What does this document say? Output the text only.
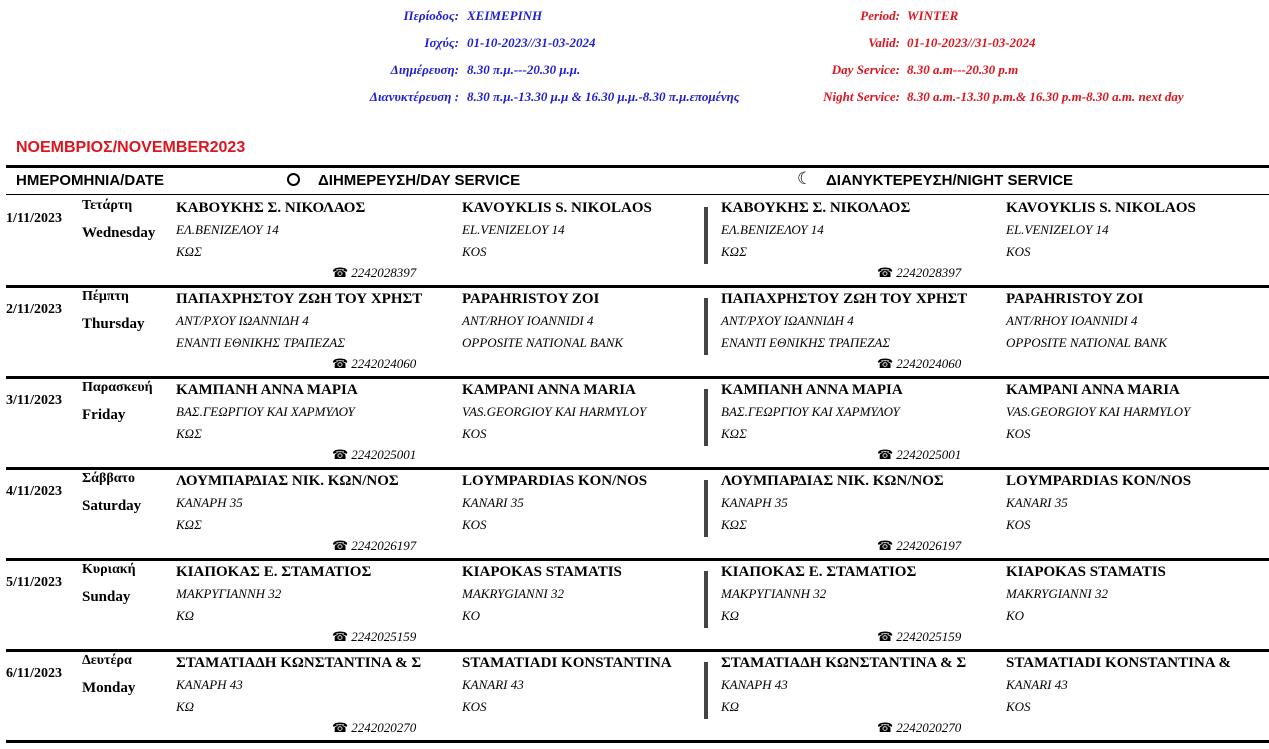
Περίοδος: ΧΕΙΜΕΡΙΝΗ
Ισχύς: 01-10-2023//31-03-2024
Διημέρευση: 8.30 π.μ.---20.30 μ.μ.
Διανυκτέρευση : 8.30 π.μ.-13.30 μ.μ & 16.30 μ.μ.-8.30 π.μ.επομένης
Period: WINTER
Valid: 01-10-2023//31-03-2024
Day Service: 8.30 a.m---20.30 p.m
Night Service: 8.30 a.m.-13.30 p.m.& 16.30 p.m-8.30 a.m. next day
ΝΟΕΜΒΡΙΟΣ/NOVEMBER2023
ΗΜΕΡΟΜΗΝΙΑ/DATE	ΔΙΗΜΕΡΕΥΣΗ/DAY SERVICE	☾ ΔΙΑΝΥΚΤΕΡΕΥΣΗ/NIGHT SERVICE
1/11/2023
Τετάρτη
Wednesday
ΚΑΒΟΥΚΗΣ Σ. ΝΙΚΟΛΑΟΣ
ΕΛ.ΒΕΝΙΖΕΛΟΥ 14
ΚΩΣ
KAVOYKLIS S. NIKOLAOS
EL.VENIZELOY 14
KOS
☎ 2242028397
ΚΑΒΟΥΚΗΣ Σ. ΝΙΚΟΛΑΟΣ
ΕΛ.ΒΕΝΙΖΕΛΟΥ 14
ΚΩΣ
KAVOYKLIS S. NIKOLAOS
EL.VENIZELOY 14
KOS
☎ 2242028397
2/11/2023
Πέμπτη
Thursday
ΠΑΠΑΧΡΗΣΤΟΥ ΖΩΗ ΤΟΥ ΧΡΗΣΤ
ΑΝΤ/ΡΧΟΥ ΙΩΑΝΝΙΔΗ 4
ΕΝΑΝΤΙ ΕΘΝΙΚΗΣ ΤΡΑΠΕΖΑΣ
PAPAHRISTOY ZOI
ANT/RHOY IOANNIDI 4
OPPOSITE NATIONAL BANK
☎ 2242024060
ΠΑΠΑΧΡΗΣΤΟΥ ΖΩΗ ΤΟΥ ΧΡΗΣΤ
ΑΝΤ/ΡΧΟΥ ΙΩΑΝΝΙΔΗ 4
ΕΝΑΝΤΙ ΕΘΝΙΚΗΣ ΤΡΑΠΕΖΑΣ
PAPAHRISTOY ZOI
ANT/RHOY IOANNIDI 4
OPPOSITE NATIONAL BANK
☎ 2242024060
3/11/2023
Παρασκευή
Friday
ΚΑΜΠΑΝΗ ΑΝΝΑ ΜΑΡΙΑ
ΒΑΣ.ΓΕΩΡΓΙΟΥ ΚΑΙ ΧΑΡΜΥΛΟΥ
ΚΩΣ
KAMPANI ANNA MARIA
VAS.GEORGIOY KAI HARMYLOY
KOS
☎ 2242025001
ΚΑΜΠΑΝΗ ΑΝΝΑ ΜΑΡΙΑ
ΒΑΣ.ΓΕΩΡΓΙΟΥ ΚΑΙ ΧΑΡΜΥΛΟΥ
ΚΩΣ
KAMPANI ANNA MARIA
VAS.GEORGIOY KAI HARMYLOY
KOS
☎ 2242025001
4/11/2023
Σάββατο
Saturday
ΛΟΥΜΠΑΡΔΙΑΣ ΝΙΚ. ΚΩΝ/ΝΟΣ
ΚΑΝΑΡΗ 35
ΚΩΣ
LOYMPARDIAS KON/NOS
KANARI 35
KOS
☎ 2242026197
ΛΟΥΜΠΑΡΔΙΑΣ ΝΙΚ. ΚΩΝ/ΝΟΣ
ΚΑΝΑΡΗ 35
ΚΩΣ
LOYMPARDIAS KON/NOS
KANARI 35
KOS
☎ 2242026197
5/11/2023
Κυριακή
Sunday
ΚΙΑΠΟΚΑΣ Ε. ΣΤΑΜΑΤΙΟΣ
ΜΑΚΡΥΓΙΑΝΝΗ 32
ΚΩ
KIAPOKAS STAMATIS
MAKRYGIANNI 32
KO
☎ 2242025159
ΚΙΑΠΟΚΑΣ Ε. ΣΤΑΜΑΤΙΟΣ
ΜΑΚΡΥΓΙΑΝΝΗ 32
ΚΩ
KIAPOKAS STAMATIS
MAKRYGIANNI 32
KO
☎ 2242025159
6/11/2023
Δευτέρα
Monday
ΣΤΑΜΑΤΙΑΔΗ ΚΩΝΣΤΑΝΤΙΝΑ & Σ
ΚΑΝΑΡΗ 43
ΚΩ
STAMATIADI KONSTANTINA
KANARI 43
KOS
☎ 2242020270
ΣΤΑΜΑΤΙΑΔΗ ΚΩΝΣΤΑΝΤΙΝΑ & Σ
ΚΑΝΑΡΗ 43
ΚΩ
STAMATIADI KONSTANTINA &
KANARI 43
KOS
☎ 2242020270
